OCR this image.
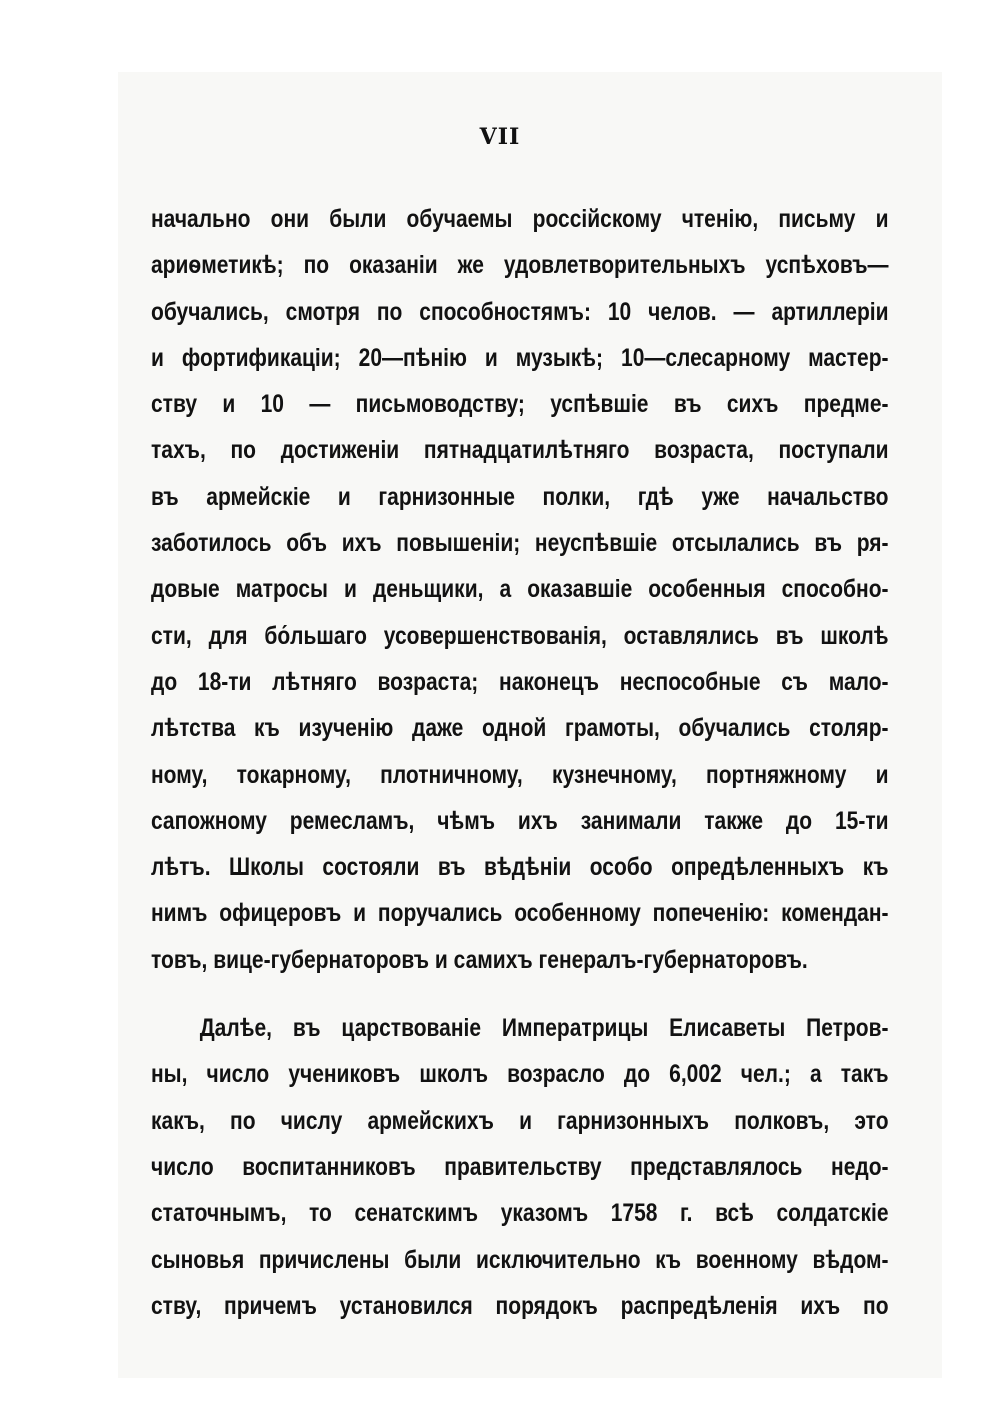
VII
начально они были обучаемы россійскому чтенію, письму и
ариѳметикѣ; по оказаніи же удовлетворительныхъ успѣховъ—
обучались, смотря по способностямъ: 10 челов. — артиллеріи
и фортификаціи; 20—пѣнію и музыкѣ; 10—слесарному мастер-
ству и 10 — письмоводству; успѣвшіе въ сихъ предме-
тахъ, по достиженіи пятнадцатилѣтняго возраста, поступали
въ армейскіе и гарнизонные полки, гдѣ уже начальство
заботилось объ ихъ повышеніи; неуспѣвшіе отсылались въ ря-
довые матросы и деньщики, а оказавшіе особенныя способно-
сти, для бо́льшаго усовершенствованія, оставлялись въ школѣ
до 18-ти лѣтняго возраста; наконецъ неспособные съ мало-
лѣтства къ изученію даже одной грамоты, обучались столяр-
ному, токарному, плотничному, кузнечному, портняжному и
сапожному ремесламъ, чѣмъ ихъ занимали также до 15-ти
лѣтъ. Школы состояли въ вѣдѣніи особо опредѣленныхъ къ
нимъ офицеровъ и поручались особенному попеченію: комендан-
товъ, вице-губернаторовъ и самихъ генералъ-губернаторовъ.
Далѣе, въ царствованіе Императрицы Елисаветы Петров-
ны, число учениковъ школъ возрасло до 6,002 чел.; а такъ
какъ, по числу армейскихъ и гарнизонныхъ полковъ, это
число воспитанниковъ правительству представлялось недо-
статочнымъ, то сенатскимъ указомъ 1758 г. всѣ солдатскіе
сыновья причислены были исключительно къ военному вѣдом-
ству, причемъ установился порядокъ распредѣленія ихъ по
